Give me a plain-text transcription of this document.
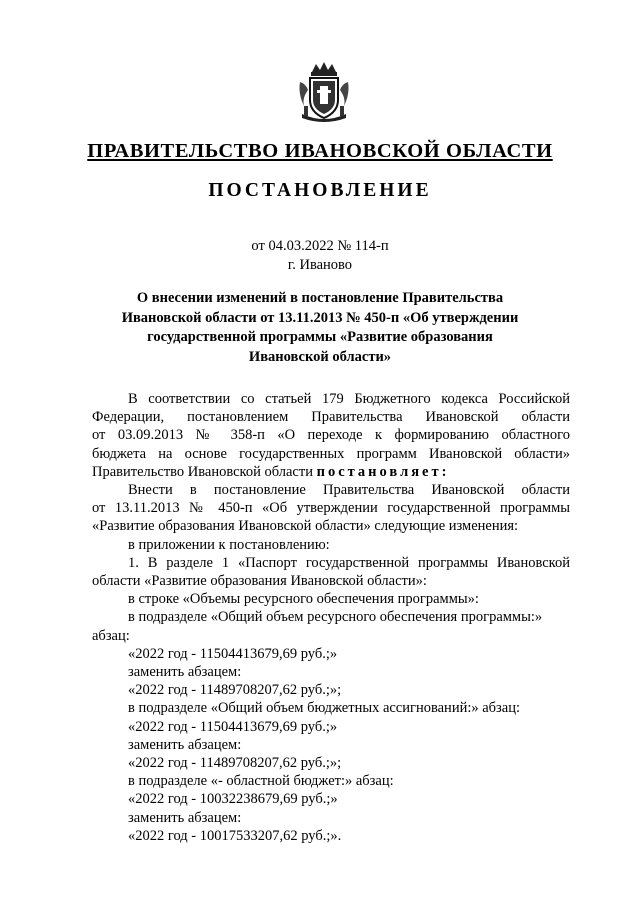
ПРАВИТЕЛЬСТВО ИВАНОВСКОЙ ОБЛАСТИ
ПОСТАНОВЛЕНИЕ
от 04.03.2022 № 114-п
г. Иваново
О внесении изменений в постановление Правительства
Ивановской области от 13.11.2013 № 450-п «Об утверждении
государственной программы «Развитие образования
Ивановской области»

В соответствии со статьей 179 Бюджетного кодекса Российской

Федерации, постановлением Правительства Ивановской области

от 03.09.2013 № 358-п «О переходе к формированию областного

бюджета на основе государственных программ Ивановской области»

Правительство Ивановской области постановляет:

Внести в постановление Правительства Ивановской области

от 13.11.2013 № 450-п «Об утверждении государственной программы

«Развитие образования Ивановской области» следующие изменения:

в приложении к постановлению:

1. В разделе 1 «Паспорт государственной программы Ивановской

области «Развитие образования Ивановской области»:

в строке «Объемы ресурсного обеспечения программы»:

в подразделе «Общий объем ресурсного обеспечения программы:»

абзац:

«2022 год - 11504413679,69 руб.;»

заменить абзацем:

«2022 год - 11489708207,62 руб.;»;

в подразделе «Общий объем бюджетных ассигнований:» абзац:

«2022 год - 11504413679,69 руб.;»

заменить абзацем:

«2022 год - 11489708207,62 руб.;»;

в подразделе «- областной бюджет:» абзац:

«2022 год - 10032238679,69 руб.;»

заменить абзацем:

«2022 год - 10017533207,62 руб.;».
